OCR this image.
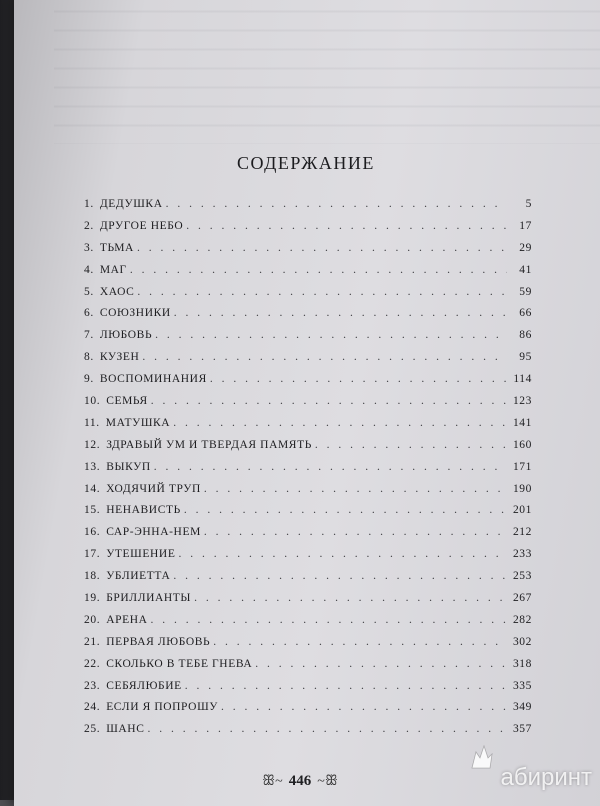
СОДЕРЖАНИЕ
1. ДЕДУШКА . . .	5
2. ДРУГОЕ НЕБО . . .	17
3. ТЬМА . . .	29
4. МАГ . . .	41
5. ХАОС . . .	59
6. СОЮЗНИКИ . . .	66
7. ЛЮБОВЬ . . .	86
8. КУЗЕН . . .	95
9. ВОСПОМИНАНИЯ . . .	114
10. СЕМЬЯ . . .	123
11. МАТУШКА . . .	141
12. ЗДРАВЫЙ УМ И ТВЕРДАЯ ПАМЯТЬ . . .	160
13. ВЫКУП . . .	171
14. ХОДЯЧИЙ ТРУП . . .	190
15. НЕНАВИСТЬ . . .	201
16. САР-ЭННА-НЕМ . . .	212
17. УТЕШЕНИЕ . . .	233
18. УБЛИЕТТА . . .	253
19. БРИЛЛИАНТЫ . . .	267
20. АРЕНА . . .	282
21. ПЕРВАЯ ЛЮБОВЬ . . .	302
22. СКОЛЬКО В ТЕБЕ ГНЕВА . . .	318
23. СЕБЯЛЮБИЕ . . .	335
24. ЕСЛИ Я ПОПРОШУ . . .	349
25. ШАНС . . .	357
ꕥ~ 446 ~ꕥ	абиринт
